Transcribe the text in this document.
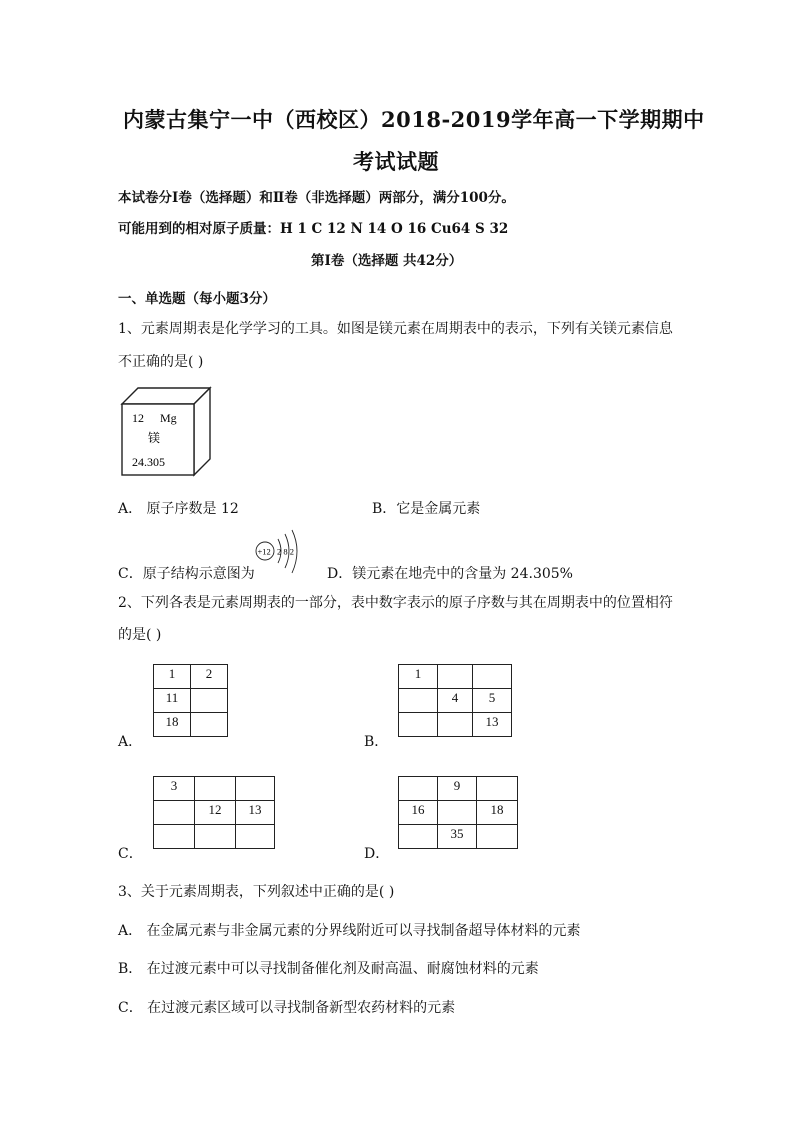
内蒙古集宁一中（西校区）2018-2019学年高一下学期期中
考试试题
本试卷分Ⅰ卷（选择题）和Ⅱ卷（非选择题）两部分，满分100分。
可能用到的相对原子质量：H 1 C 12 N 14 O 16 Cu64 S 32
第Ⅰ卷（选择题 共42分）
一、单选题（每小题3分）
1、元素周期表是化学学习的工具。如图是镁元素在周期表中的表示，下列有关镁元素信息
不正确的是( )
12 Mg
镁
24.305
A． 原子序数是 12	B．它是金属元素
C．原子结构示意图为
+12 2 8 2
D．镁元素在地壳中的含量为 24.305%
2、下列各表是元素周期表的一部分，表中数字表示的原子序数与其在周期表中的位置相符
的是( )
A．
1	2
11	
18	
B．
1		
	4	5
		13
C．
3		
	12	13

D．
	9	
16		18
	35	
3、关于元素周期表，下列叙述中正确的是( )
A． 在金属元素与非金属元素的分界线附近可以寻找制备超导体材料的元素
B． 在过渡元素中可以寻找制备催化剂及耐高温、耐腐蚀材料的元素
C． 在过渡元素区域可以寻找制备新型农药材料的元素
